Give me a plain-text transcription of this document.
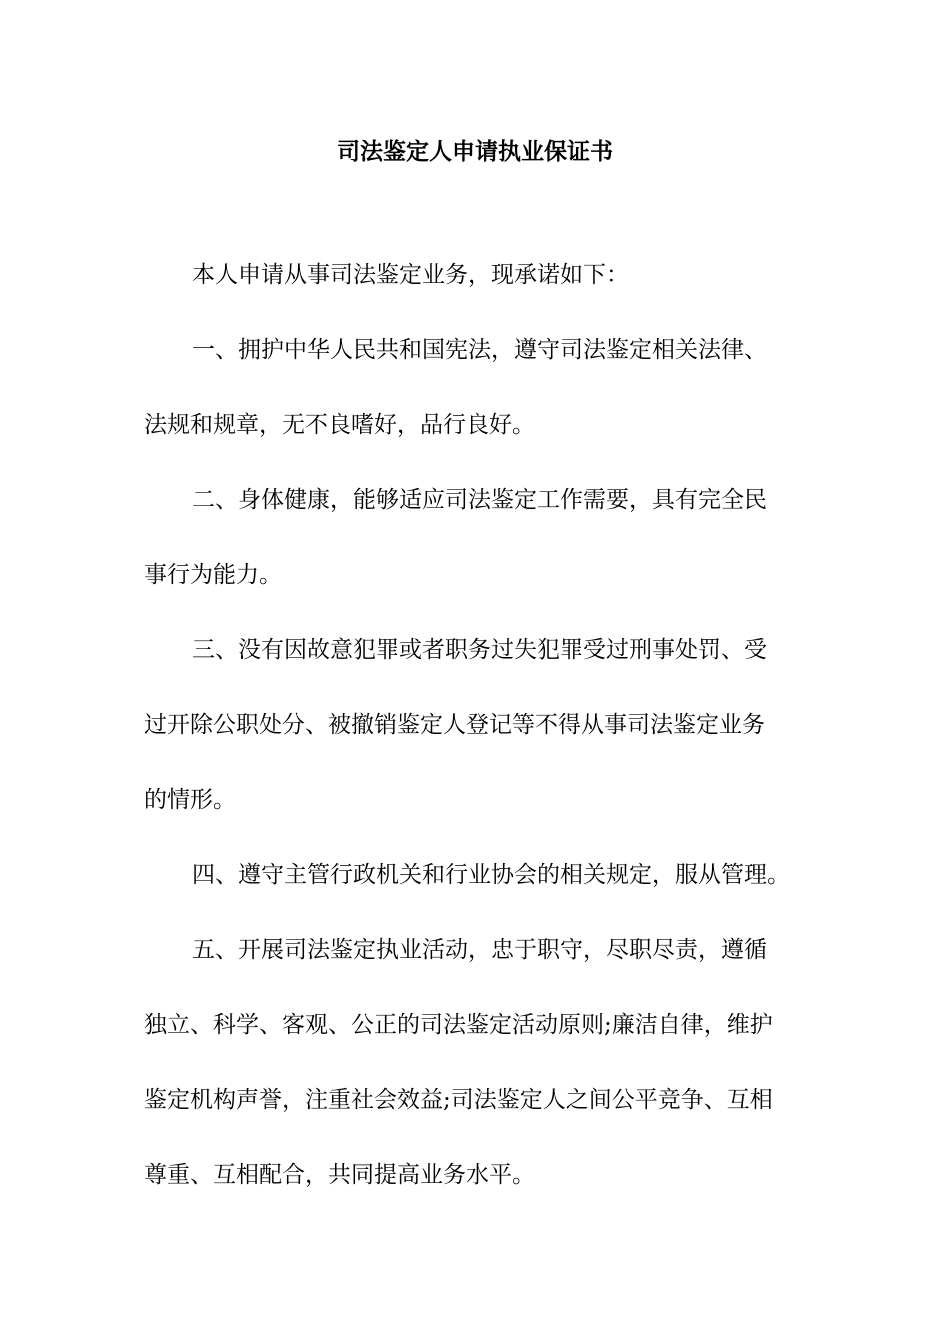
司法鉴定人申请执业保证书

本人申请从事司法鉴定业务，现承诺如下：

一、拥护中华人民共和国宪法，遵守司法鉴定相关法律、

法规和规章，无不良嗜好，品行良好。

二、身体健康，能够适应司法鉴定工作需要，具有完全民

事行为能力。

三、没有因故意犯罪或者职务过失犯罪受过刑事处罚、受

过开除公职处分、被撤销鉴定人登记等不得从事司法鉴定业务

的情形。

四、遵守主管行政机关和行业协会的相关规定，服从管理。

五、开展司法鉴定执业活动，忠于职守，尽职尽责，遵循

独立、科学、客观、公正的司法鉴定活动原则;廉洁自律，维护

鉴定机构声誉，注重社会效益;司法鉴定人之间公平竞争、互相

尊重、互相配合，共同提高业务水平。
